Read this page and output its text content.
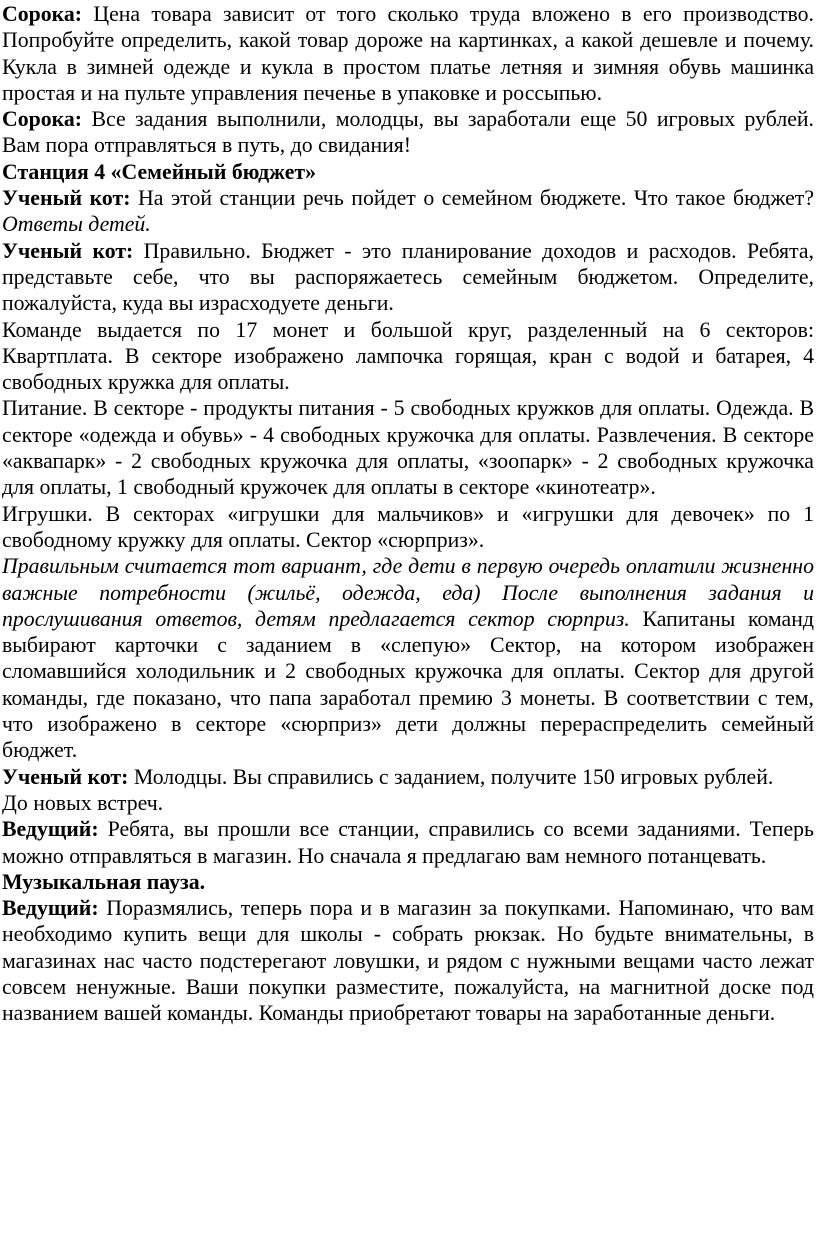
Сорока: Цена товара зависит от того сколько труда вложено в его производство. Попробуйте определить, какой товар дороже на картинках, а какой дешевле и почему. Кукла в зимней одежде и кукла в простом платье летняя и зимняя обувь машинка простая и на пульте управления печенье в упаковке и россыпью.

Сорока: Все задания выполнили, молодцы, вы заработали еще 50 игровых рублей. Вам пора отправляться в путь, до свидания!

Станция 4 «Семейный бюджет»

Ученый кот: На этой станции речь пойдет о семейном бюджете. Что такое бюджет? Ответы детей.

Ученый кот: Правильно. Бюджет - это планирование доходов и расходов. Ребята, представьте себе, что вы распоряжаетесь семейным бюджетом. Определите, пожалуйста, куда вы израсходуете деньги.

Команде выдается по 17 монет и большой круг, разделенный на 6 секторов: Квартплата. В секторе изображено лампочка горящая, кран с водой и батарея, 4 свободных кружка для оплаты.

Питание. В секторе - продукты питания - 5 свободных кружков для оплаты. Одежда. В секторе «одежда и обувь» - 4 свободных кружочка для оплаты. Развлечения. В секторе «аквапарк» - 2 свободных кружочка для оплаты, «зоопарк» - 2 свободных кружочка для оплаты, 1 свободный кружочек для оплаты в секторе «кинотеатр».

Игрушки. В секторах «игрушки для мальчиков» и «игрушки для девочек» по 1 свободному кружку для оплаты. Сектор «сюрприз».

Правильным считается тот вариант, где дети в первую очередь оплатили жизненно важные потребности (жильё, одежда, еда) После выполнения задания и прослушивания ответов, детям предлагается сектор сюрприз. Капитаны команд выбирают карточки с заданием в «слепую» Сектор, на котором изображен сломавшийся холодильник и 2 свободных кружочка для оплаты. Сектор для другой команды, где показано, что папа заработал премию 3 монеты. В соответствии с тем, что изображено в секторе «сюрприз» дети должны перераспределить семейный бюджет.

Ученый кот: Молодцы. Вы справились с заданием, получите 150 игровых рублей.

До новых встреч.

Ведущий: Ребята, вы прошли все станции, справились со всеми заданиями. Теперь можно отправляться в магазин. Но сначала я предлагаю вам немного потанцевать.

Музыкальная пауза.

Ведущий: Поразмялись, теперь пора и в магазин за покупками. Напоминаю, что вам необходимо купить вещи для школы - собрать рюкзак. Но будьте внимательны, в магазинах нас часто подстерегают ловушки, и рядом с нужными вещами часто лежат совсем ненужные. Ваши покупки разместите, пожалуйста, на магнитной доске под названием вашей команды. Команды приобретают товары на заработанные деньги.
